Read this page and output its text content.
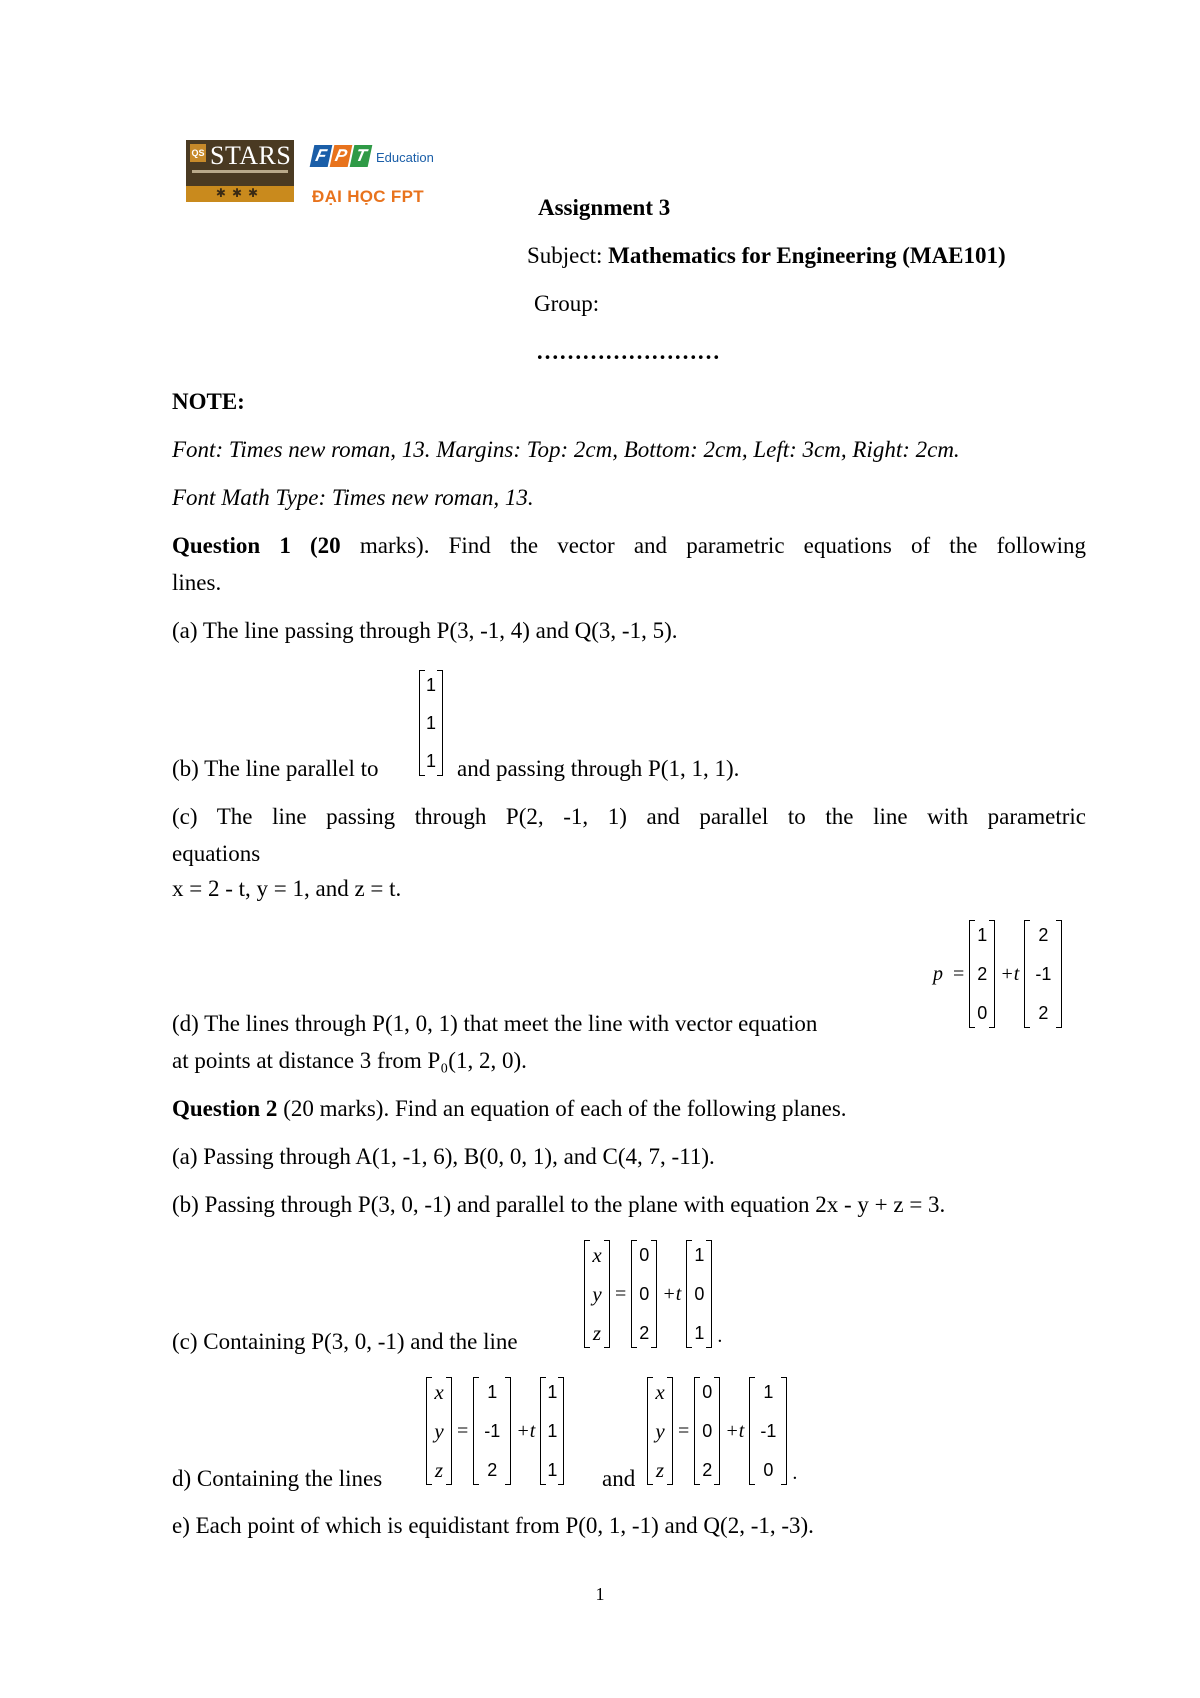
QS STARS
✱✱✱
F P T Education
ĐẠI HỌC FPT	Assignment 3
Subject: Mathematics for Engineering (MAE101)
Group:
……………………
NOTE:
Font: Times new roman, 13. Margins: Top: 2cm, Bottom: 2cm, Left: 3cm, Right: 2cm.
Font Math Type: Times new roman, 13.
Question 1 (20 marks). Find the vector and parametric equations of the following
lines.
(a) The line passing through P(3, -1, 4) and Q(3, -1, 5).
1
1
1
(b) The line parallel to	and passing through P(1, 1, 1).
(c) The line passing through P(2, -1, 1) and parallel to the line with parametric
equations
x = 2 - t, y = 1, and z = t.
p =
1
2
0
+t
2
-1
2
(d) The lines through P(1, 0, 1) that meet the line with vector equation
at points at distance 3 from P₀(1, 2, 0).
Question 2 (20 marks). Find an equation of each of the following planes.
(a) Passing through A(1, -1, 6), B(0, 0, 1), and C(4, 7, -11).
(b) Passing through P(3, 0, -1) and parallel to the plane with equation 2x - y + z = 3.
x
y
z
=
0
0
2
+t
1
0
1 .
(c) Containing P(3, 0, -1) and the line
x
y
z
=
1
-1
2
+t
1
1
1
x
y
z
=
0
0
2
+t
1
-1
0 .
d) Containing the lines	and
e) Each point of which is equidistant from P(0, 1, -1) and Q(2, -1, -3).
1
